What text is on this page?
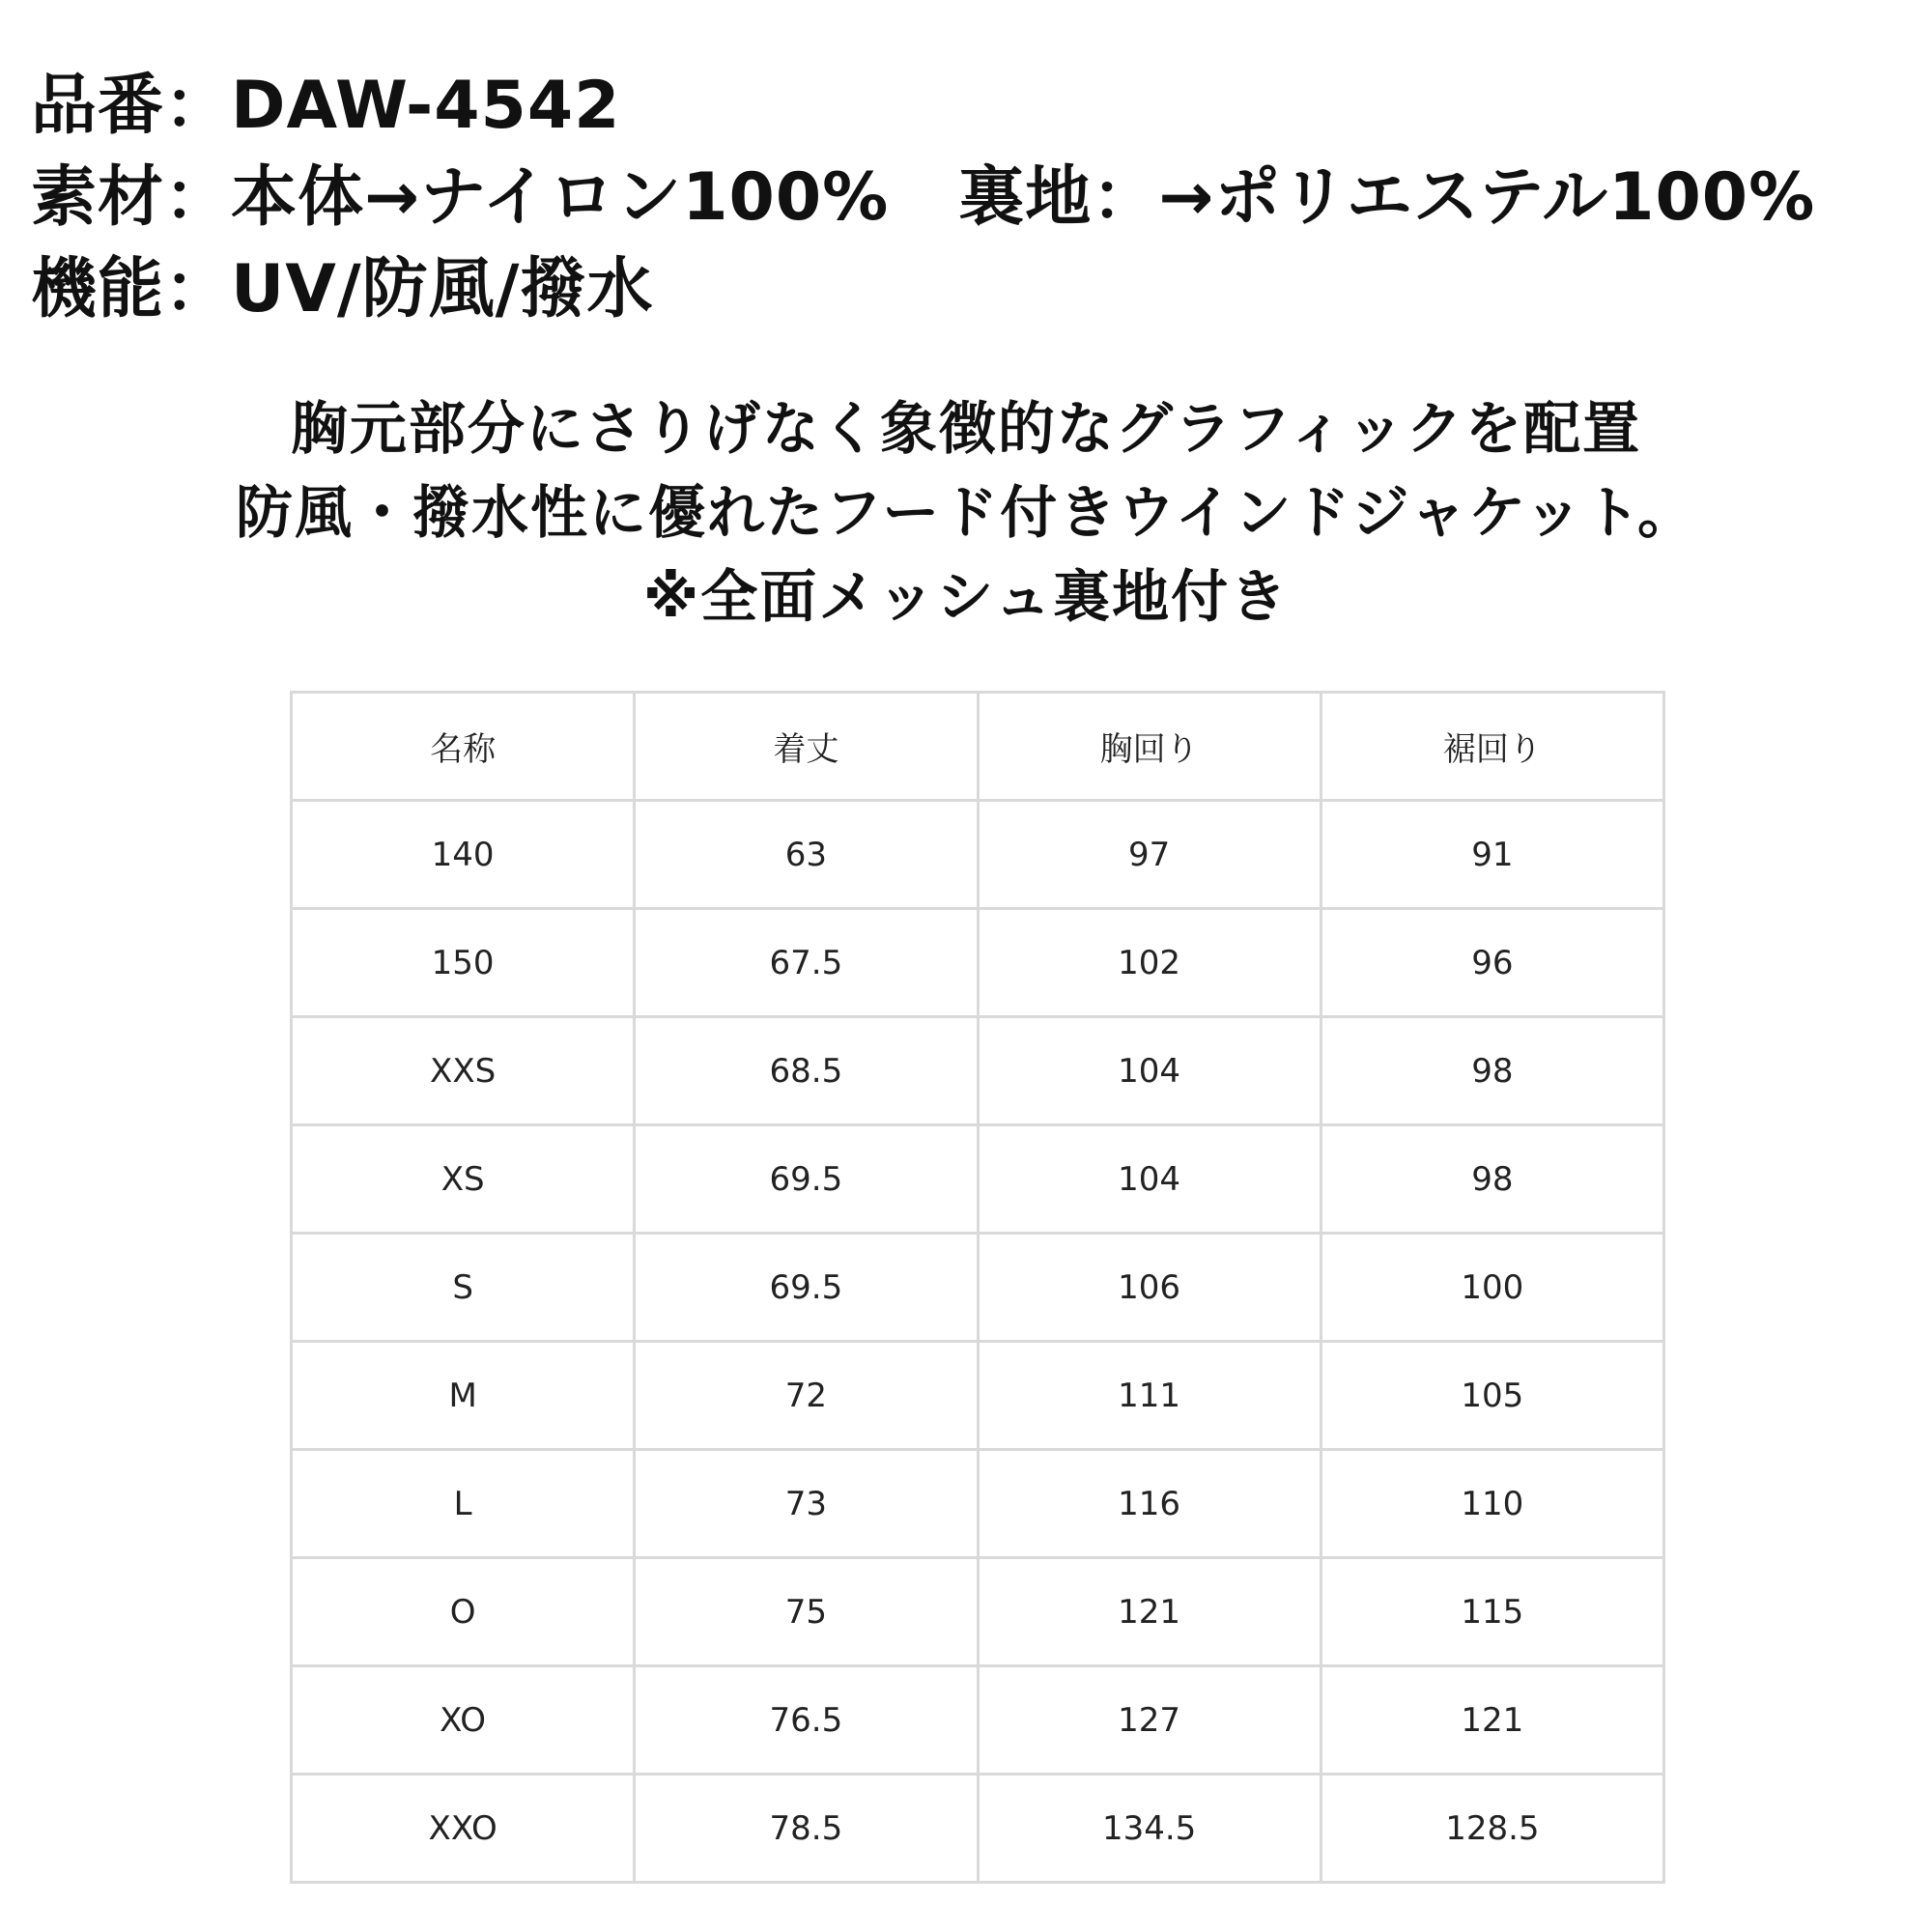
品番：DAW-4542
素材：本体→ナイロン100% 裏地：→ポリエステル100%
機能：UV/防風/撥水
胸元部分にさりげなく象徴的なグラフィックを配置
防風・撥水性に優れたフード付きウインドジャケット。
※全面メッシュ裏地付き
名称	着丈	胸回り	裾回り
140	63	97	91
150	67.5	102	96
XXS	68.5	104	98
XS	69.5	104	98
S	69.5	106	100
M	72	111	105
L	73	116	110
O	75	121	115
XO	76.5	127	121
XXO	78.5	134.5	128.5
